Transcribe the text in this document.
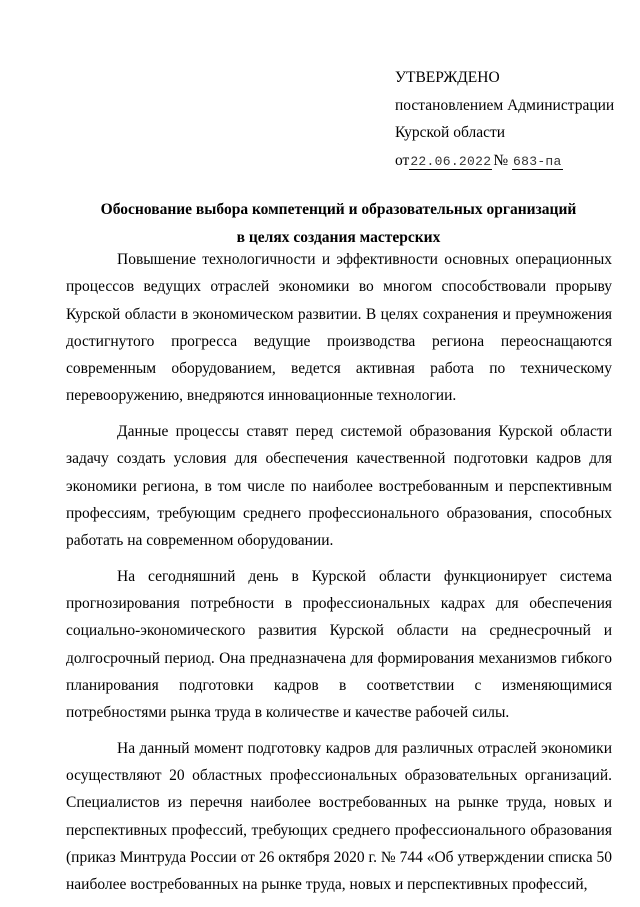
УТВЕРЖДЕНО
постановлением Администрации
Курской области
от22.06.2022 № 683-па
Обоснование выбора компетенций и образовательных организаций
в целях создания мастерских

Повышение технологичности и эффективности основных операционных процессов ведущих отраслей экономики во многом способствовали прорыву Курской области в экономическом развитии. В целях сохранения и преумножения достигнутого прогресса ведущие производства региона переоснащаются современным оборудованием, ведется активная работа по техническому перевооружению, внедряются инновационные технологии.

Данные процессы ставят перед системой образования Курской области задачу создать условия для обеспечения качественной подготовки кадров для экономики региона, в том числе по наиболее востребованным и перспективным профессиям, требующим среднего профессионального образования, способных работать на современном оборудовании.

На сегодняшний день в Курской области функционирует система прогнозирования потребности в профессиональных кадрах для обеспечения социально-экономического развития Курской области на среднесрочный и долгосрочный период. Она предназначена для формирования механизмов гибкого планирования подготовки кадров в соответствии с изменяющимися потребностями рынка труда в количестве и качестве рабочей силы.

На данный момент подготовку кадров для различных отраслей экономики осуществляют 20 областных профессиональных образовательных организаций. Специалистов из перечня наиболее востребованных на рынке труда, новых и перспективных профессий, требующих среднего профессионального образования (приказ Минтруда России от 26 октября 2020 г. № 744 «Об утверждении списка 50 наиболее востребованных на рынке труда, новых и перспективных профессий,
